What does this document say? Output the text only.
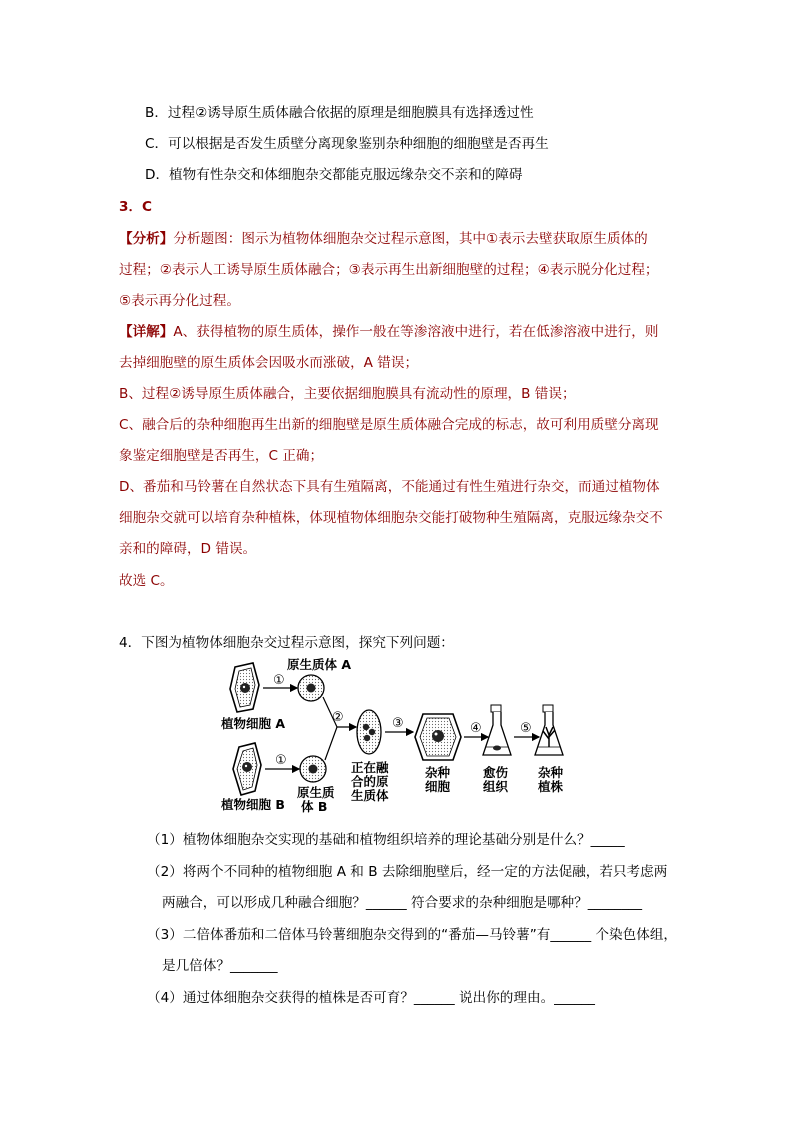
B．过程②诱导原生质体融合依据的原理是细胞膜具有选择透过性
C．可以根据是否发生质壁分离现象鉴别杂种细胞的细胞壁是否再生
D．植物有性杂交和体细胞杂交都能克服远缘杂交不亲和的障碍
3．C
【分析】分析题图：图示为植物体细胞杂交过程示意图，其中①表示去壁获取原生质体的
过程；②表示人工诱导原生质体融合；③表示再生出新细胞壁的过程；④表示脱分化过程；
⑤表示再分化过程。
【详解】A、获得植物的原生质体，操作一般在等渗溶液中进行，若在低渗溶液中进行，则
去掉细胞壁的原生质体会因吸水而涨破，A 错误；
B、过程②诱导原生质体融合，主要依据细胞膜具有流动性的原理，B 错误；
C、融合后的杂种细胞再生出新的细胞壁是原生质体融合完成的标志，故可利用质壁分离现
象鉴定细胞壁是否再生，C 正确；
D、番茄和马铃薯在自然状态下具有生殖隔离，不能通过有性生殖进行杂交，而通过植物体
细胞杂交就可以培育杂种植株，体现植物体细胞杂交能打破物种生殖隔离，克服远缘杂交不
亲和的障碍，D 错误。
故选 C。
4．下图为植物体细胞杂交过程示意图，探究下列问题：
植物细胞 A
①
原生质体 A
植物细胞 B
①
原生质
体 B
②
正在融
合的原
生质体
③
杂种
细胞
④
愈伤
组织
⑤
杂种
植株
（1）植物体细胞杂交实现的基础和植物组织培养的理论基础分别是什么？_____
（2）将两个不同种的植物细胞 A 和 B 去除细胞壁后，经一定的方法促融，若只考虑两
两融合，可以形成几种融合细胞？______ 符合要求的杂种细胞是哪种？________
（3）二倍体番茄和二倍体马铃薯细胞杂交得到的“番茄—马铃薯”有______ 个染色体组，
是几倍体？_______
（4）通过体细胞杂交获得的植株是否可育？______ 说出你的理由。______
